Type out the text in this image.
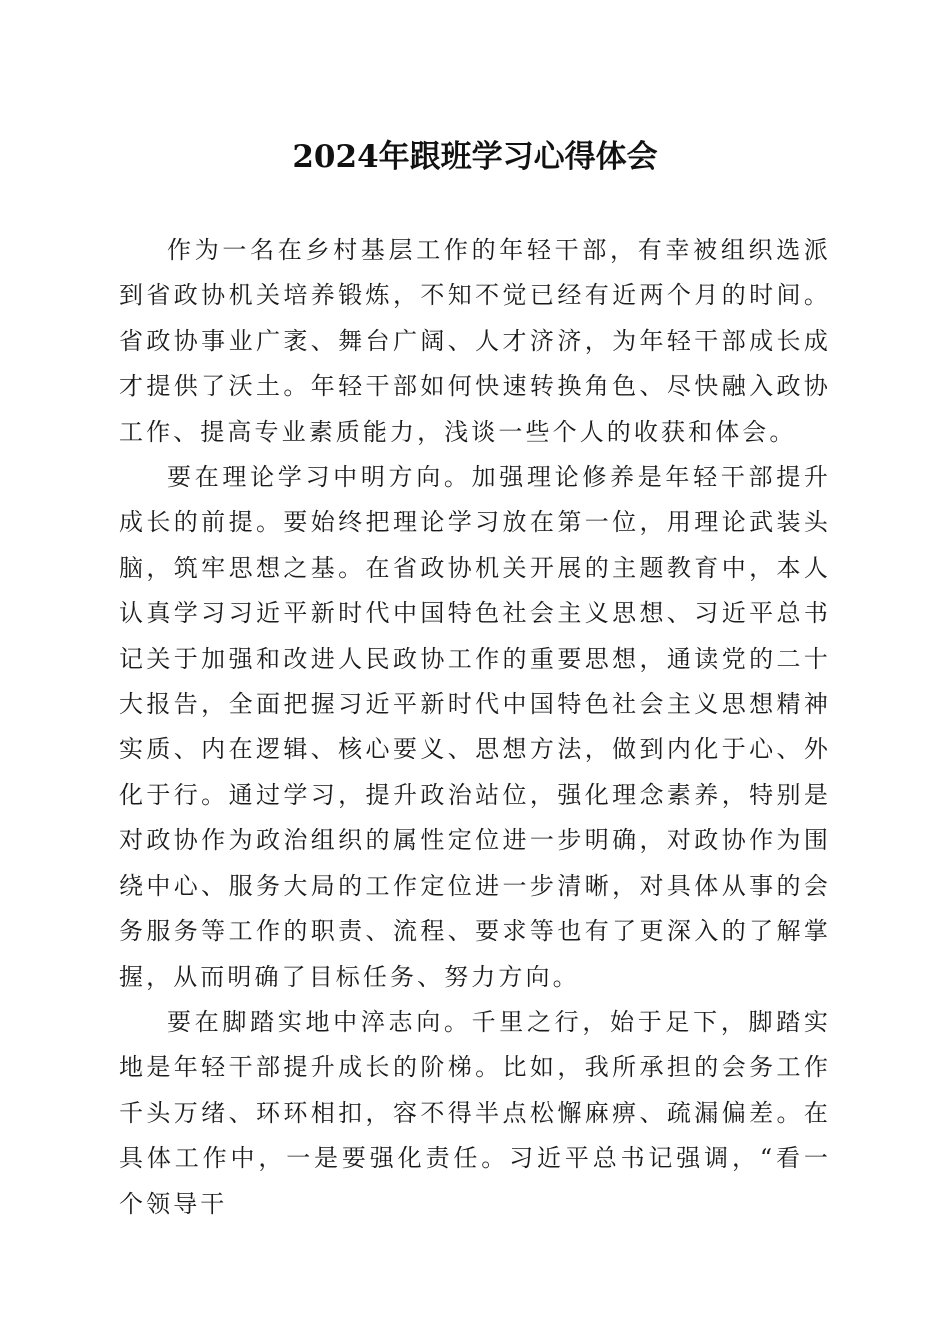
2024年跟班学习心得体会

作为一名在乡村基层工作的年轻干部，有幸被组织选派到省政协机关培养锻炼，不知不觉已经有近两个月的时间。省政协事业广袤、舞台广阔、人才济济，为年轻干部成长成才提供了沃土。年轻干部如何快速转换角色、尽快融入政协工作、提高专业素质能力，浅谈一些个人的收获和体会。

要在理论学习中明方向。加强理论修养是年轻干部提升成长的前提。要始终把理论学习放在第一位，用理论武装头脑，筑牢思想之基。在省政协机关开展的主题教育中，本人认真学习习近平新时代中国特色社会主义思想、习近平总书记关于加强和改进人民政协工作的重要思想，通读党的二十大报告，全面把握习近平新时代中国特色社会主义思想精神实质、内在逻辑、核心要义、思想方法，做到内化于心、外化于行。通过学习，提升政治站位，强化理念素养，特别是对政协作为政治组织的属性定位进一步明确，对政协作为围绕中心、服务大局的工作定位进一步清晰，对具体从事的会务服务等工作的职责、流程、要求等也有了更深入的了解掌握，从而明确了目标任务、努力方向。

要在脚踏实地中淬志向。千里之行，始于足下，脚踏实地是年轻干部提升成长的阶梯。比如，我所承担的会务工作千头万绪、环环相扣，容不得半点松懈麻痹、疏漏偏差。在具体工作中，一是要强化责任。习近平总书记强调，“看一个领导干
